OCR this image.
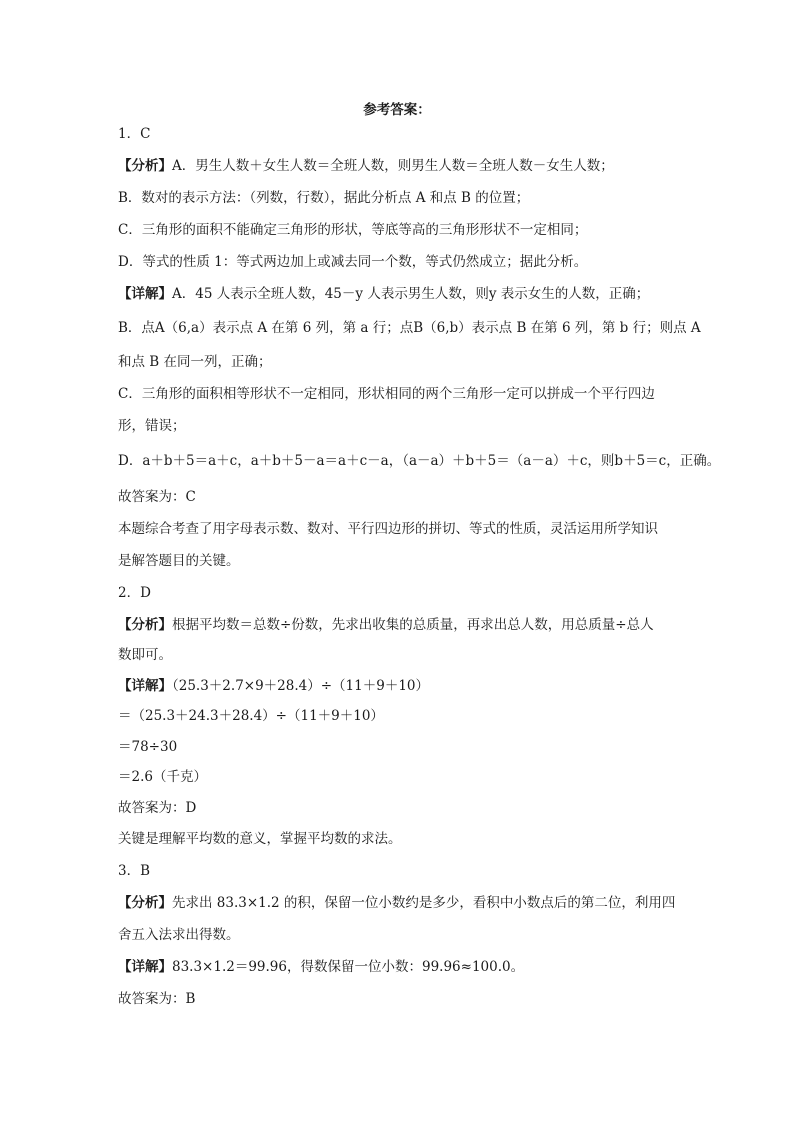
参考答案：
1．C
【分析】A．男生人数＋女生人数＝全班人数，则男生人数＝全班人数－女生人数；
B．数对的表示方法：（列数，行数），据此分析点 A 和点 B 的位置；
C．三角形的面积不能确定三角形的形状，等底等高的三角形形状不一定相同；
D．等式的性质 1：等式两边加上或减去同一个数，等式仍然成立；据此分析。
【详解】A．45 人表示全班人数，45－y 人表示男生人数，则y 表示女生的人数，正确；
B．点A（6,a）表示点 A 在第 6 列，第 a 行；点B（6,b）表示点 B 在第 6 列，第 b 行；则点 A
和点 B 在同一列，正确；
C．三角形的面积相等形状不一定相同，形状相同的两个三角形一定可以拼成一个平行四边
形，错误；
D．a＋b＋5＝a＋c，a＋b＋5－a＝a＋c－a，（a－a）＋b＋5＝（a－a）＋c，则b＋5＝c，正确。
故答案为：C
本题综合考查了用字母表示数、数对、平行四边形的拼切、等式的性质，灵活运用所学知识
是解答题目的关键。
2．D
【分析】根据平均数＝总数÷份数，先求出收集的总质量，再求出总人数，用总质量÷总人
数即可。
【详解】（25.3＋2.7×9＋28.4）÷（11＋9＋10）
＝（25.3＋24.3＋28.4）÷（11＋9＋10）
＝78÷30
＝2.6（千克）
故答案为：D
关键是理解平均数的意义，掌握平均数的求法。
3．B
【分析】先求出 83.3×1.2 的积，保留一位小数约是多少，看积中小数点后的第二位，利用四
舍五入法求出得数。
【详解】83.3×1.2＝99.96，得数保留一位小数：99.96≈100.0。
故答案为：B
